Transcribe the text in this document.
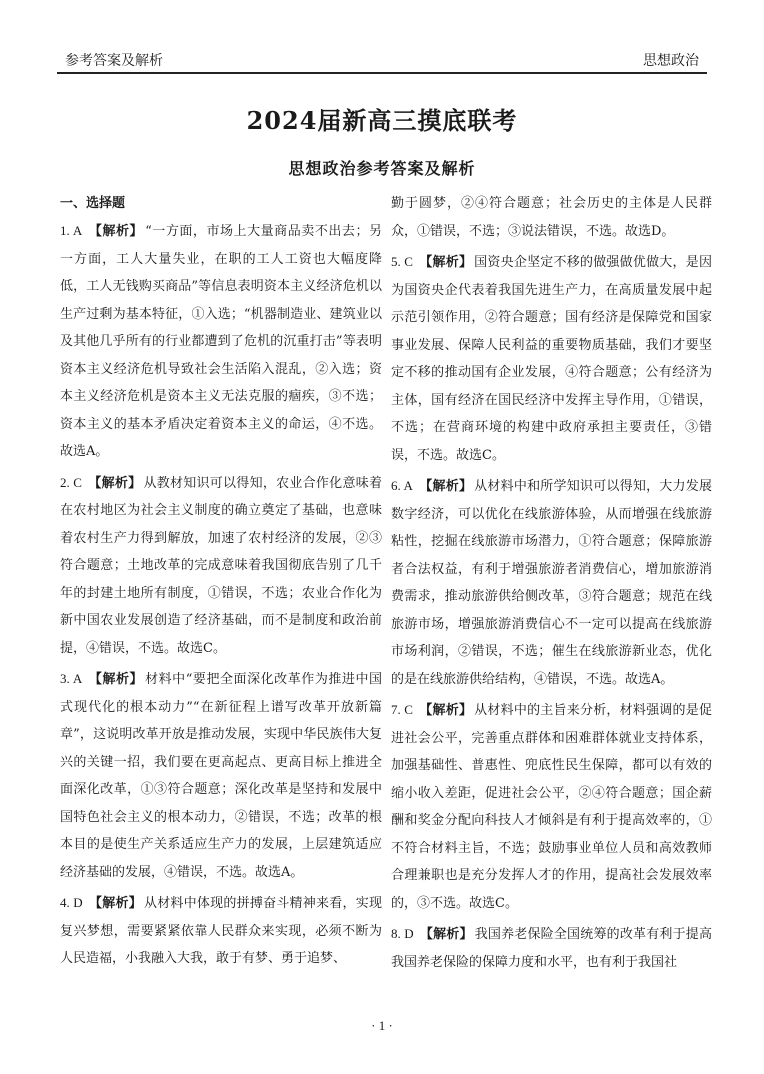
参考答案及解析	思想政治
2024届新高三摸底联考
思想政治参考答案及解析

一、选择题

1. A 【解析】 “一方面，市场上大量商品卖不出去；另一方面，工人大量失业，在职的工人工资也大幅度降低，工人无钱购买商品”等信息表明资本主义经济危机以生产过剩为基本特征，①入选；“机器制造业、建筑业以及其他几乎所有的行业都遭到了危机的沉重打击”等表明资本主义经济危机导致社会生活陷入混乱，②入选；资本主义经济危机是资本主义无法克服的痼疾，③不选；资本主义的基本矛盾决定着资本主义的命运，④不选。故选A。

2. C 【解析】 从教材知识可以得知，农业合作化意味着在农村地区为社会主义制度的确立奠定了基础，也意味着农村生产力得到解放，加速了农村经济的发展，②③符合题意；土地改革的完成意味着我国彻底告别了几千年的封建土地所有制度，①错误，不选；农业合作化为新中国农业发展创造了经济基础，而不是制度和政治前提，④错误，不选。故选C。

3. A 【解析】 材料中“要把全面深化改革作为推进中国式现代化的根本动力”“在新征程上谱写改革开放新篇章”，这说明改革开放是推动发展，实现中华民族伟大复兴的关键一招，我们要在更高起点、更高目标上推进全面深化改革，①③符合题意；深化改革是坚持和发展中国特色社会主义的根本动力，②错误，不选；改革的根本目的是使生产关系适应生产力的发展，上层建筑适应经济基础的发展，④错误，不选。故选A。

4. D 【解析】 从材料中体现的拼搏奋斗精神来看，实现复兴梦想，需要紧紧依靠人民群众来实现，必须不断为人民造福，小我融入大我，敢于有梦、勇于追梦、

勤于圆梦，②④符合题意；社会历史的主体是人民群众，①错误，不选；③说法错误，不选。故选D。

5. C 【解析】 国资央企坚定不移的做强做优做大，是因为国资央企代表着我国先进生产力，在高质量发展中起示范引领作用，②符合题意；国有经济是保障党和国家事业发展、保障人民利益的重要物质基础，我们才要坚定不移的推动国有企业发展，④符合题意；公有经济为主体，国有经济在国民经济中发挥主导作用，①错误，不选；在营商环境的构建中政府承担主要责任，③错误，不选。故选C。

6. A 【解析】 从材料中和所学知识可以得知，大力发展数字经济，可以优化在线旅游体验，从而增强在线旅游粘性，挖掘在线旅游市场潜力，①符合题意；保障旅游者合法权益，有利于增强旅游者消费信心，增加旅游消费需求，推动旅游供给侧改革，③符合题意；规范在线旅游市场，增强旅游消费信心不一定可以提高在线旅游市场利润，②错误，不选；催生在线旅游新业态，优化的是在线旅游供给结构，④错误，不选。故选A。

7. C 【解析】 从材料中的主旨来分析，材料强调的是促进社会公平，完善重点群体和困难群体就业支持体系，加强基础性、普惠性、兜底性民生保障，都可以有效的缩小收入差距，促进社会公平，②④符合题意；国企薪酬和奖金分配向科技人才倾斜是有利于提高效率的，①不符合材料主旨，不选；鼓励事业单位人员和高效教师合理兼职也是充分发挥人才的作用，提高社会发展效率的，③不选。故选C。

8. D 【解析】 我国养老保险全国统筹的改革有利于提高我国养老保险的保障力度和水平，也有利于我国社

· 1 ·
